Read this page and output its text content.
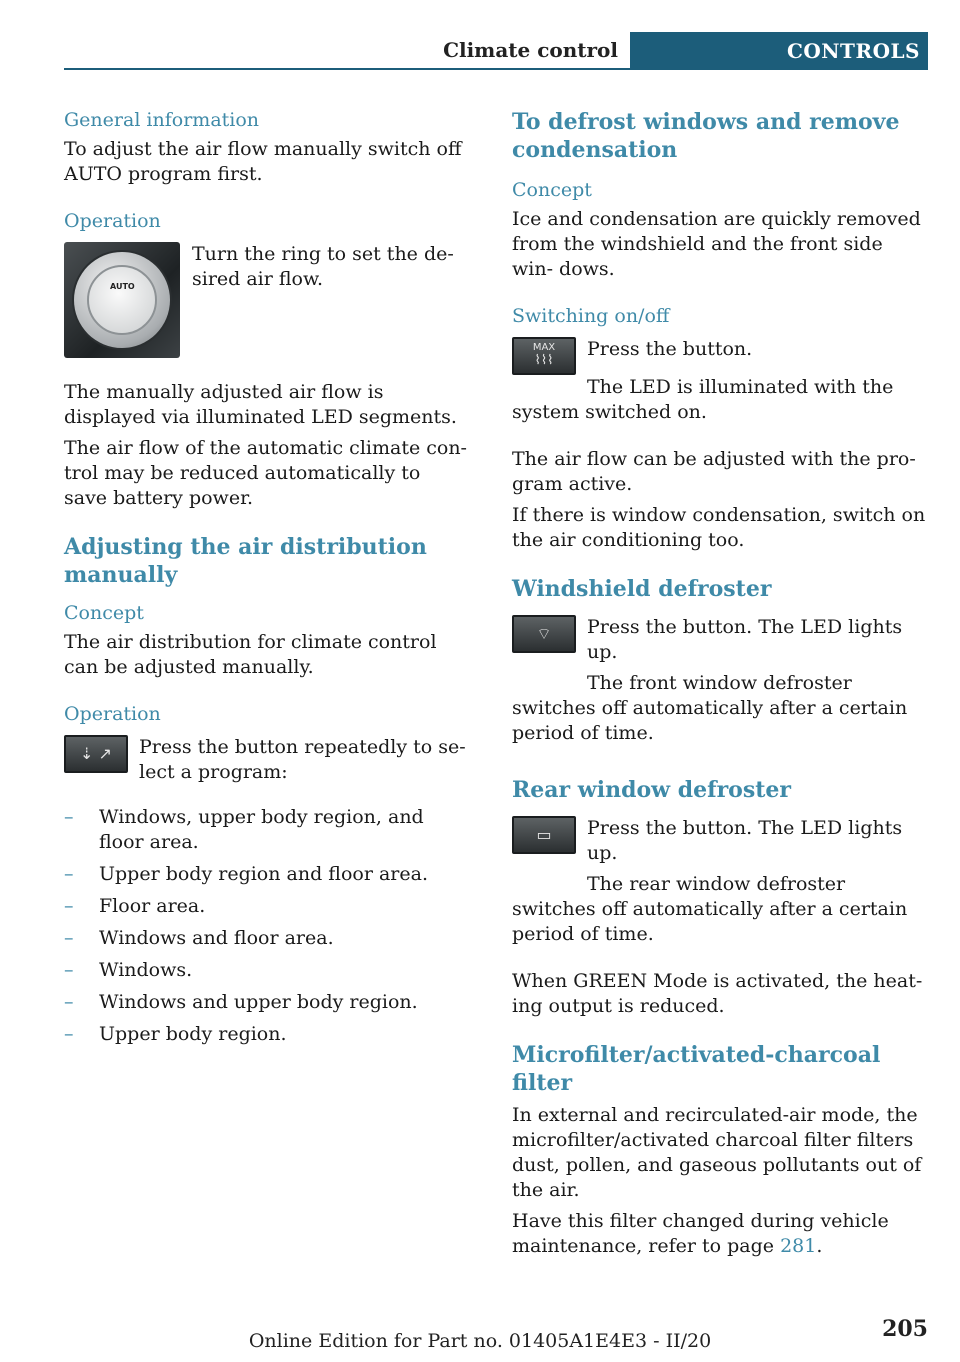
Climate control	CONTROLS
General information

To adjust the air flow manually switch off AUTO program first.

Operation
AUTO

Turn the ring to set the de‐ sired air flow.

The manually adjusted air flow is displayed via illuminated LED segments.

The air flow of the automatic climate con‐ trol may be reduced automatically to save battery power.

Adjusting the air distribution manually
Concept

The air distribution for climate control can be adjusted manually.

Operation
⇣ ↗	Press the button repeatedly to se‐ lect a program:

– Windows, upper body region, and floor area.
– Upper body region and floor area.
– Floor area.
– Windows and floor area.
– Windows.
– Windows and upper body region.
– Upper body region.
To defrost windows and remove condensation
Concept

Ice and condensation are quickly removed from the windshield and the front side win‐ dows.

Switching on/off
MAX
⌇⌇⌇

Press the button.

The LED is illuminated with the system switched on.

The air flow can be adjusted with the pro‐ gram active.

If there is window condensation, switch on the air conditioning too.

Windshield defroster
⌔	Press the button. The LED lights up.

The front window defroster switches off automatically after a certain period of time.

Rear window defroster
▭	Press the button. The LED lights up.

The rear window defroster switches off automatically after a certain period of time.

When GREEN Mode is activated, the heat‐ ing output is reduced.

Microfilter/activated-charcoal filter

In external and recirculated-air mode, the microfilter/activated charcoal filter filters dust, pollen, and gaseous pollutants out of the air.

Have this filter changed during vehicle maintenance, refer to page 281.

205
Online Edition for Part no. 01405A1E4E3 - II/20
